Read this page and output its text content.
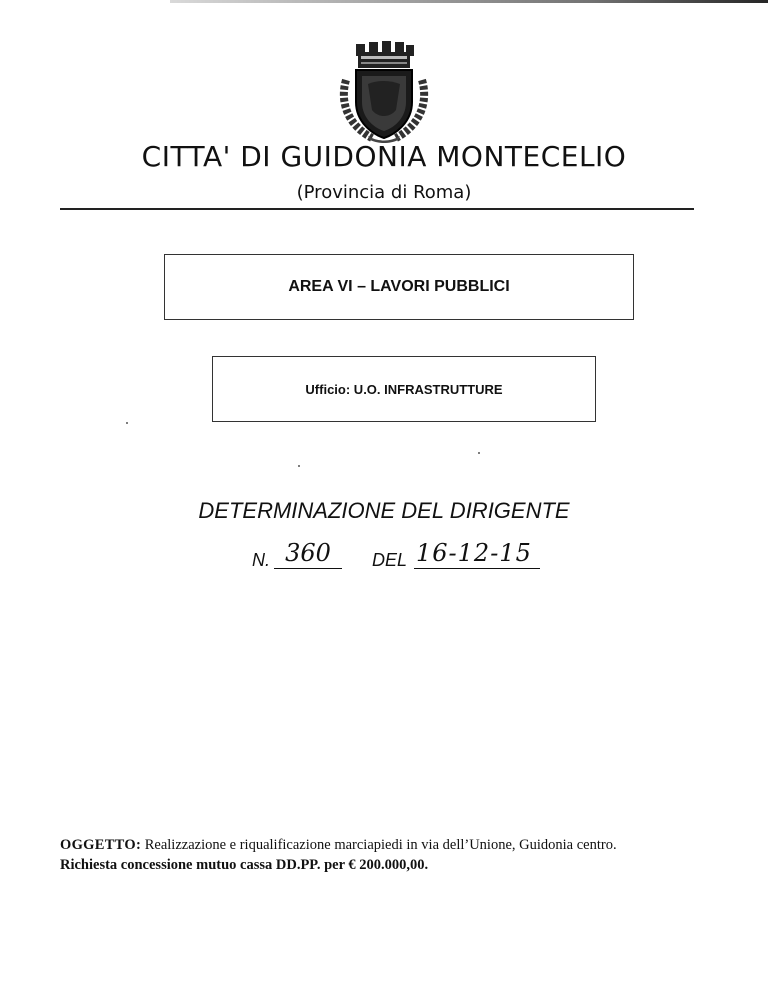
CITTA' DI GUIDONIA MONTECELIO
(Provincia di Roma)
AREA VI – LAVORI PUBBLICI
Ufficio: U.O. INFRASTRUTTURE
DETERMINAZIONE DEL DIRIGENTE
N. 360	DEL 16-12-15
OGGETTO: Realizzazione e riqualificazione marciapiedi in via dell’Unione, Guidonia centro.
Richiesta concessione mutuo cassa DD.PP. per € 200.000,00.
